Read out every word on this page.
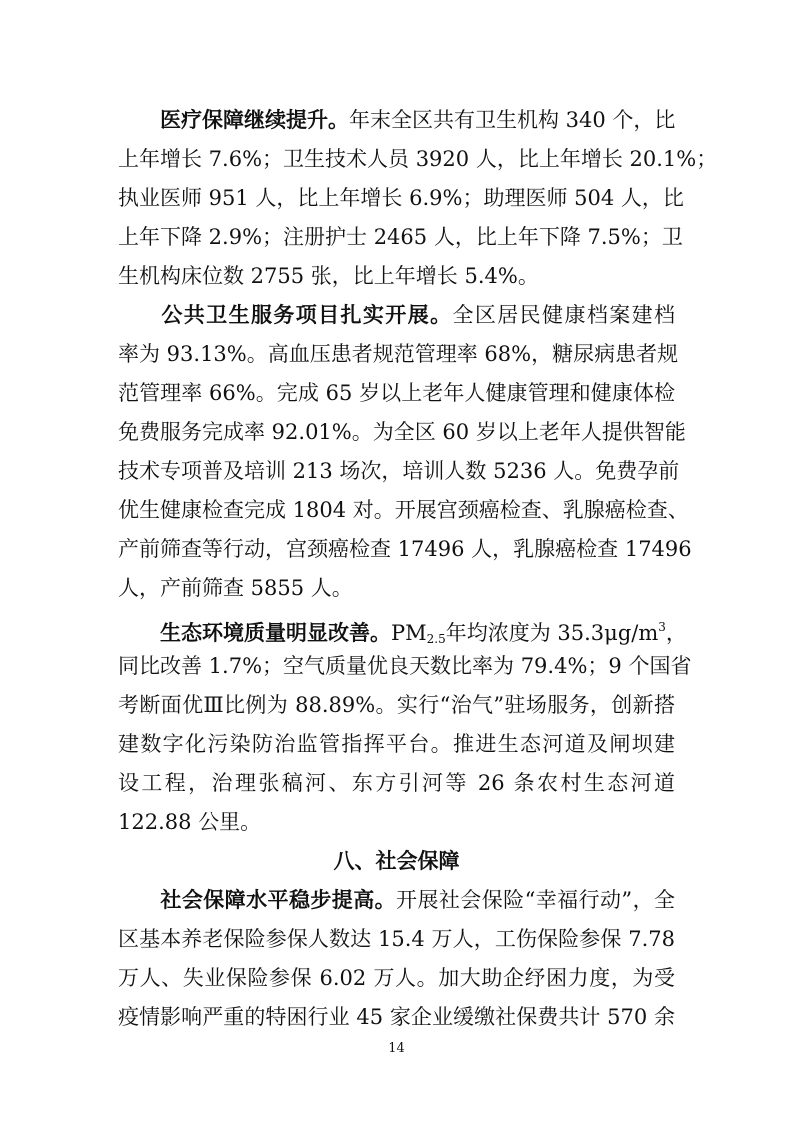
医疗保障继续提升。年末全区共有卫生机构 340 个，比

上年增长 7.6%；卫生技术人员 3920 人，比上年增长 20.1%；

执业医师 951 人，比上年增长 6.9%；助理医师 504 人，比

上年下降 2.9%；注册护士 2465 人，比上年下降 7.5%；卫

生机构床位数 2755 张，比上年增长 5.4%。

公共卫生服务项目扎实开展。全区居民健康档案建档

率为 93.13%。高血压患者规范管理率 68%，糖尿病患者规

范管理率 66%。完成 65 岁以上老年人健康管理和健康体检

免费服务完成率 92.01%。为全区 60 岁以上老年人提供智能

技术专项普及培训 213 场次，培训人数 5236 人。免费孕前

优生健康检查完成 1804 对。开展宫颈癌检查、乳腺癌检查、

产前筛查等行动，宫颈癌检查 17496 人，乳腺癌检查 17496

人，产前筛查 5855 人。

生态环境质量明显改善。$PM_{2.5}$年均浓度为 $35.3\mu g/m^3$，

同比改善 1.7%；空气质量优良天数比率为 79.4%；9 个国省

考断面优Ⅲ比例为 88.89%。实行“治气”驻场服务，创新搭

建数字化污染防治监管指挥平台。推进生态河道及闸坝建

设工程，治理张稿河、东方引河等 26 条农村生态河道

122.88 公里。

八、社会保障

社会保障水平稳步提高。开展社会保险“幸福行动”，全

区基本养老保险参保人数达 15.4 万人，工伤保险参保 7.78

万人、失业保险参保 6.02 万人。加大助企纾困力度，为受

疫情影响严重的特困行业 45 家企业缓缴社保费共计 570 余

14
